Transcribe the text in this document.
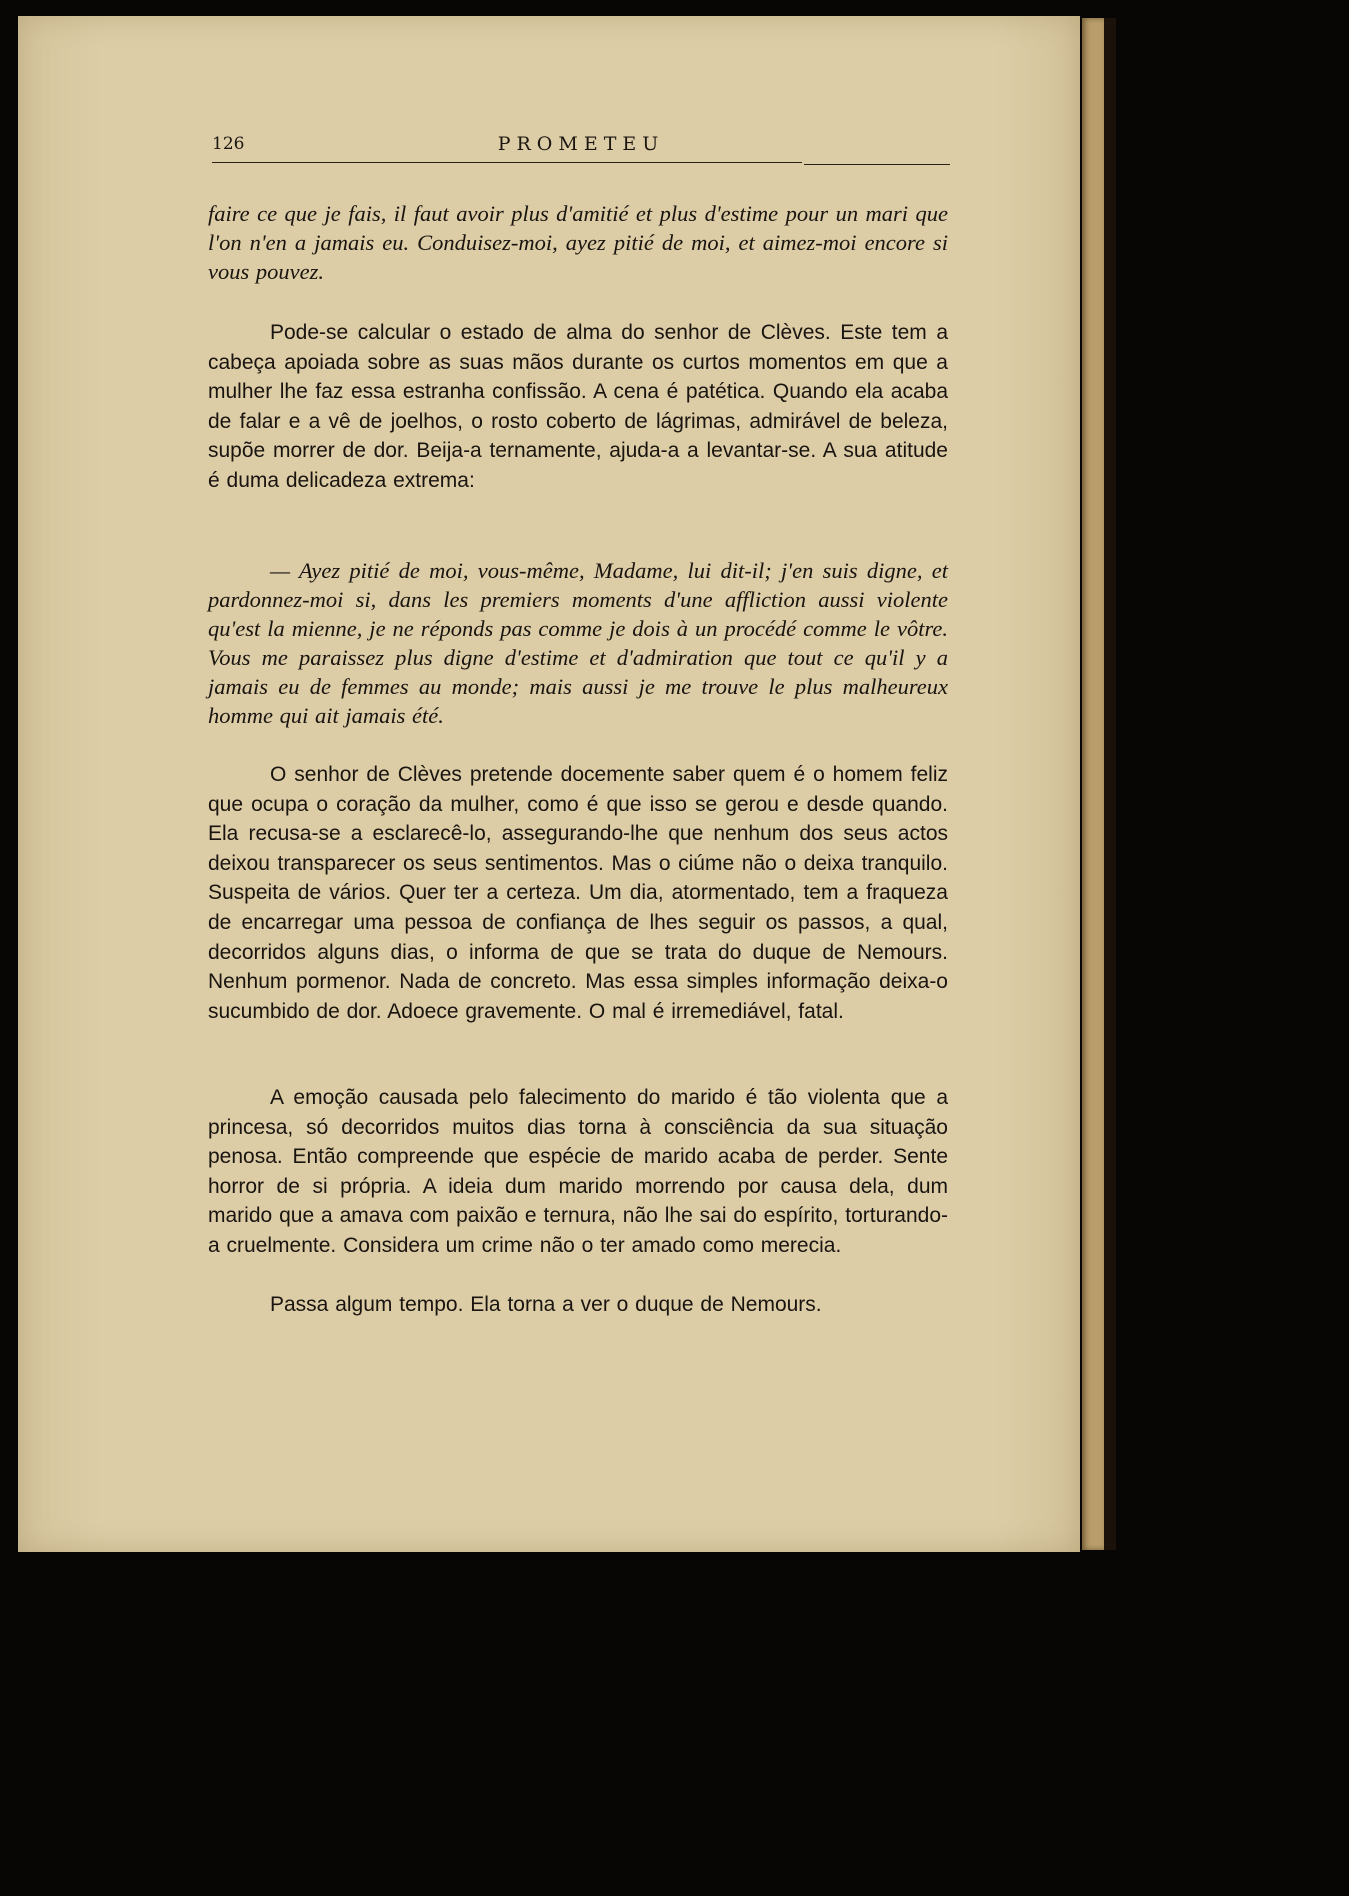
126	PROMETEU

faire ce que je fais, il faut avoir plus d'amitié et plus d'estime pour un mari que l'on n'en a jamais eu. Conduisez-moi, ayez pitié de moi, et aimez-moi encore si vous pouvez.

Pode-se calcular o estado de alma do senhor de Clèves. Este tem a cabeça apoiada sobre as suas mãos durante os curtos momentos em que a mulher lhe faz essa estranha confissão. A cena é patética. Quando ela acaba de falar e a vê de joelhos, o rosto coberto de lágrimas, admirável de beleza, supõe morrer de dor. Beija-a ternamente, ajuda-a a levantar-se. A sua atitude é duma delicadeza extrema:

— Ayez pitié de moi, vous-même, Madame, lui dit-il; j'en suis digne, et pardonnez-moi si, dans les premiers moments d'une affliction aussi violente qu'est la mienne, je ne réponds pas comme je dois à un procédé comme le vôtre. Vous me paraissez plus digne d'estime et d'admiration que tout ce qu'il y a jamais eu de femmes au monde; mais aussi je me trouve le plus malheureux homme qui ait jamais été.

O senhor de Clèves pretende docemente saber quem é o homem feliz que ocupa o coração da mulher, como é que isso se gerou e desde quando. Ela recusa-se a esclarecê-lo, assegurando-lhe que nenhum dos seus actos deixou transparecer os seus sentimentos. Mas o ciúme não o deixa tranquilo. Suspeita de vários. Quer ter a certeza. Um dia, atormentado, tem a fraqueza de encarregar uma pessoa de confiança de lhes seguir os passos, a qual, decorridos alguns dias, o informa de que se trata do duque de Nemours. Nenhum pormenor. Nada de concreto. Mas essa simples informação deixa-o sucumbido de dor. Adoece gravemente. O mal é irremediável, fatal.

A emoção causada pelo falecimento do marido é tão violenta que a princesa, só decorridos muitos dias torna à consciência da sua situação penosa. Então compreende que espécie de marido acaba de perder. Sente horror de si própria. A ideia dum marido morrendo por causa dela, dum marido que a amava com paixão e ternura, não lhe sai do espírito, torturando-a cruelmente. Considera um crime não o ter amado como merecia.

Passa algum tempo. Ela torna a ver o duque de Nemours.
